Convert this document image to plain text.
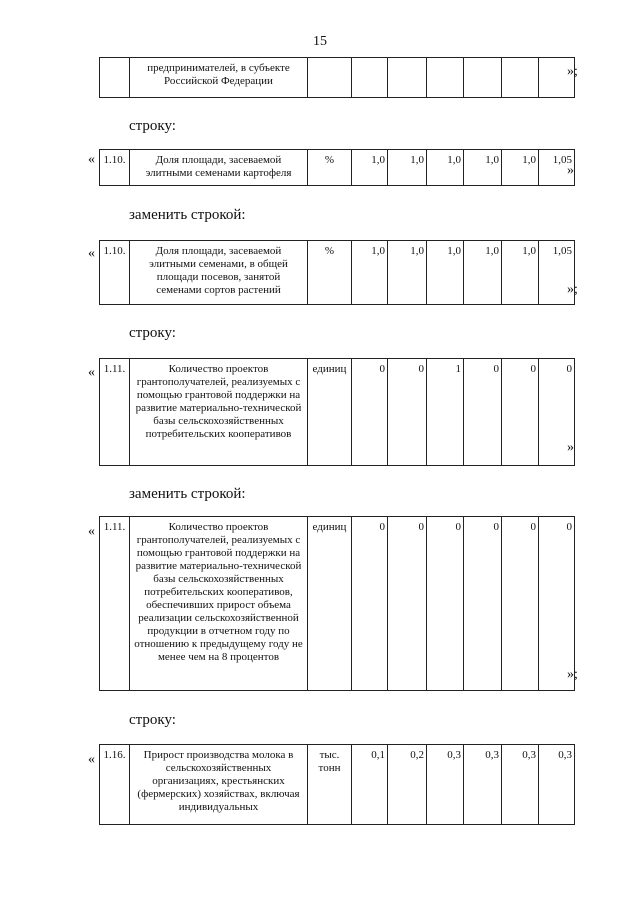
15
	предпринимателей, в субъекте Российской Федерации							
»;
строку:
« 1.10.	Доля площади, засеваемой элитными семенами картофеля	%	1,0	1,0	1,0	1,0	1,0	1,05
»
заменить строкой:
« 1.10.	Доля площади, засеваемой элитными семенами, в общей площади посевов, занятой семенами сортов растений	%	1,0	1,0	1,0	1,0	1,0	1,05
»;
строку:
« 1.11.	Количество проектов грантополучателей, реализуемых с помощью грантовой поддержки на развитие материально-технической базы сельскохозяйственных потребительских кооперативов	единиц	0	0	1	0	0	0
»
заменить строкой:
« 1.11.	Количество проектов грантополучателей, реализуемых с помощью грантовой поддержки на развитие материально-технической базы сельскохозяйственных потребительских кооперативов, обеспечивших прирост объема реализации сельскохозяйственной продукции в отчетном году по отношению к предыдущему году не менее чем на 8 процентов	единиц	0	0	0	0	0	0
»;
строку:
« 1.16.	Прирост производства молока в сельскохозяйственных организациях, крестьянских (фермерских) хозяйствах, включая индивидуальных	тыс. тонн	0,1	0,2	0,3	0,3	0,3	0,3
